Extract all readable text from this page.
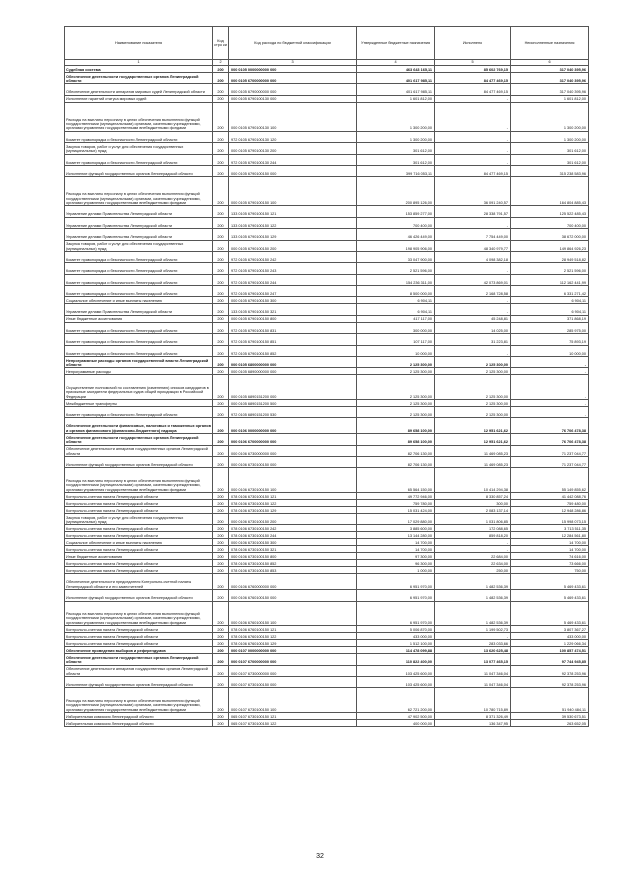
Наименование показателя	Код стро ки	Код расхода по бюджетной классификации	Утвержденные бюджетные назначения	Исполнено	Неисполненные назначения
1	2	3	4	5	6
Судебная система	200	000 0105 0000000000 000	463 643 165,11	85 602 769,15	317 040 395,96
Обеспечение деятельности государственных органов Ленинградской области	200	000 0105 6700000000 000	401 617 985,11	84 477 469,15	317 040 395,96
Обеспечение деятельности аппаратов мировых судей Ленинградской области	200	000 0105 6790000000 000	401 617 985,11	84 477 469,15	317 040 395,96
Исполнение гарантий статуса мировых судей	200	000 0105 6790100130 000	1 601 812,00	-	1 601 812,00
Расходы на выплаты персоналу в целях обеспечения выполнения функций государственными (муниципальными) органами, казенными учреждениями, органами управления государственными внебюджетными фондами	200	000 0105 6790100130 100	1 300 200,00	-	1 300 200,00
Комитет правопорядка и безопасности Ленинградской области	200	972 0105 6790100130 120	1 300 200,00	-	1 300 200,00
Закупка товаров, работ и услуг для обеспечения государственных (муниципальных) нужд	200	000 0105 6790100130 200	301 612,00	-	301 612,00
Комитет правопорядка и безопасности Ленинградской области	200	972 0105 6790100130 244	301 612,00	-	301 612,00
Исполнение функций государственных органов Ленинградской области	200	000 0105 6790100150 000	399 716 053,11	84 477 469,15	315 238 583,96
Расходы на выплаты персоналу в целях обеспечения выполнения функций государственными (муниципальными) органами, казенными учреждениями, органами управления государственными внебюджетными фондами	200	000 0105 6790100150 100	200 895 126,00	36 091 240,57	164 804 885,43
Управление делами Правительства Ленинградской области	200	133 0105 6790100150 121	153 859 277,00	28 338 791,57	125 522 485,43
Управление делами Правительства Ленинградской области	200	133 0105 6790100150 122	700 400,00	-	700 400,00
Управление делами Правительства Ленинградской области	200	133 0105 6790100150 129	46 426 449,00	7 754 449,00	38 672 000,00
Закупка товаров, работ и услуг для обеспечения государственных (муниципальных) нужд	200	000 0105 6790100150 200	198 905 906,00	48 340 979,77	149 864 926,23
Комитет правопорядка и безопасности Ленинградской области	200	972 0105 6790100150 242	33 047 900,00	4 098 382,18	28 949 518,82
Комитет правопорядка и безопасности Ленинградской области	200	972 0105 6790100150 243	2 521 596,00	-	2 521 596,00
Комитет правопорядка и безопасности Ленинградской области	200	972 0105 6790100150 244	154 236 311,00	42 073 869,01	112 162 441,99
Комитет правопорядка и безопасности Ленинградской области	200	972 0105 6790100150 247	8 500 000,00	2 168 728,58	6 331 271,42
Социальное обеспечение и иные выплаты населению	200	000 0105 6790100150 300	6 904,11	-	6 904,11
Управление делами Правительства Ленинградской области	200	133 0105 6790100150 321	6 904,11	-	6 904,11
Иные бюджетные ассигнования	200	000 0105 6790100150 800	417 117,00	45 248,81	371 868,19
Комитет правопорядка и безопасности Ленинградской области	200	972 0105 6790100150 831	300 000,00	14 025,00	285 975,00
Комитет правопорядка и безопасности Ленинградской области	200	972 0105 6790100150 851	107 117,00	31 223,81	75 893,19
Комитет правопорядка и безопасности Ленинградской области	200	972 0105 6790100150 852	10 000,00	-	10 000,00
Непрограммные расходы органов государственной власти Ленинградской области	200	000 0105 6800000000 000	2 125 300,00	2 125 300,00	-
Непрограммные расходы	200	000 0105 6890000000 000	2 125 300,00	2 125 300,00	-
Осуществление полномочий по составлению (изменению) списков кандидатов в присяжные заседатели федеральных судов общей юрисдикции в Российской Федерации	200	000 0105 6890151200 000	2 125 300,00	2 125 300,00	-
Межбюджетные трансферты	200	000 0105 6890151200 500	2 125 300,00	2 125 300,00	-
Комитет правопорядка и безопасности Ленинградской области	200	972 0105 6890151200 530	2 125 300,00	2 125 300,00	-
Обеспечение деятельности финансовых, налоговых и таможенных органов и органов финансового (финансово-бюджетного) надзора	200	000 0106 0000000000 000	89 658 100,00	12 951 621,62	76 706 478,38
Обеспечение деятельности государственных органов Ленинградской области	200	000 0106 6700000000 000	89 658 100,00	12 951 621,62	76 706 478,38
Обеспечение деятельности аппаратов государственных органов Ленинградской области	200	000 0106 6730000000 000	82 706 130,00	11 469 085,23	71 237 044,77
Исполнение функций государственных органов Ленинградской области	200	000 0106 6730100150 000	82 706 130,00	11 469 085,23	71 237 044,77
Расходы на выплаты персоналу в целях обеспечения выполнения функций государственными (муниципальными) органами, казенными учреждениями, органами управления государственными внебюджетными фондами	200	000 0106 6730100150 100	65 564 150,00	10 414 294,38	55 149 855,62
Контрольно-счетная палата Ленинградской области	200	078 0106 6730100150 121	49 772 946,00	8 330 857,24	41 442 088,76
Контрольно-счетная палата Ленинградской области	200	078 0106 6730100150 122	759 780,00	300,00	759 480,00
Контрольно-счетная палата Ленинградской области	200	078 0106 6730100150 129	15 031 424,00	2 083 137,14	12 948 286,86
Закупка товаров, работ и услуг для обеспечения государственных (муниципальных) нужд	200	000 0106 6730100150 200	17 029 880,00	1 031 806,85	15 998 073,15
Контрольно-счетная палата Ленинградской области	200	078 0106 6730100150 242	3 885 600,00	172 088,65	3 713 511,35
Контрольно-счетная палата Ленинградской области	200	078 0106 6730100150 244	13 144 280,00	859 818,20	12 284 561,80
Социальное обеспечение и иные выплаты населению	200	000 0106 6730100150 300	14 700,00	-	14 700,00
Контрольно-счетная палата Ленинградской области	200	078 0106 6730100150 321	14 700,00	-	14 700,00
Иные бюджетные ассигнования	200	000 0106 6730100150 800	97 300,00	22 684,00	74 616,00
Контрольно-счетная палата Ленинградской области	200	078 0106 6730100150 852	96 300,00	22 634,00	73 666,00
Контрольно-счетная палата Ленинградской области	200	078 0106 6730100150 853	1 000,00	250,00	750,00
Обеспечение деятельности председателя Контрольно-счетной палаты Ленинградской области и его заместителей	200	000 0106 6760000000 000	6 951 970,00	1 482 536,39	5 469 433,61
Исполнение функций государственных органов Ленинградской области	200	000 0106 6760100150 000	6 951 970,00	1 482 536,39	5 469 433,61
Расходы на выплаты персоналу в целях обеспечения выполнения функций государственными (муниципальными) органами, казенными учреждениями, органами управления государственными внебюджетными фондами	200	000 0106 6760100150 100	6 951 970,00	1 482 536,39	5 469 433,61
Контрольно-счетная палата Ленинградской области	200	078 0106 6760100150 121	5 006 870,00	1 199 502,73	3 807 367,27
Контрольно-счетная палата Ленинградской области	200	078 0106 6760100150 122	433 000,00	-	433 000,00
Контрольно-счетная палата Ленинградской области	200	078 0106 6760100150 129	1 512 100,00	283 033,66	1 229 066,34
Обеспечение проведения выборов и референдумов	200	000 0107 0000000000 000	114 478 099,88	13 620 625,48	100 857 474,51
Обеспечение деятельности государственных органов Ленинградской области	200	000 0107 6700000000 000	110 822 400,00	13 077 465,15	97 744 945,85
Обеспечение деятельности аппаратов государственных органов Ленинградской области	200	000 0107 6730000000 000	103 425 600,00	11 047 346,04	92 378 253,96
Исполнение функций государственных органов Ленинградской области	200	000 0107 6730100150 000	103 425 600,00	11 047 346,04	92 378 253,96
Расходы на выплаты персоналу в целях обеспечения выполнения функций государственными (муниципальными) органами, казенными учреждениями, органами управления государственными внебюджетными фондами	200	000 0107 6730100150 100	62 721 200,00	10 780 715,89	51 940 484,11
Избирательная комиссия Ленинградской области	200	065 0107 6730100150 121	47 902 500,00	8 371 326,49	39 530 673,51
Избирательная комиссия Ленинградской области	200	065 0107 6730100150 122	400 000,00	136 347,95	263 652,05
32
